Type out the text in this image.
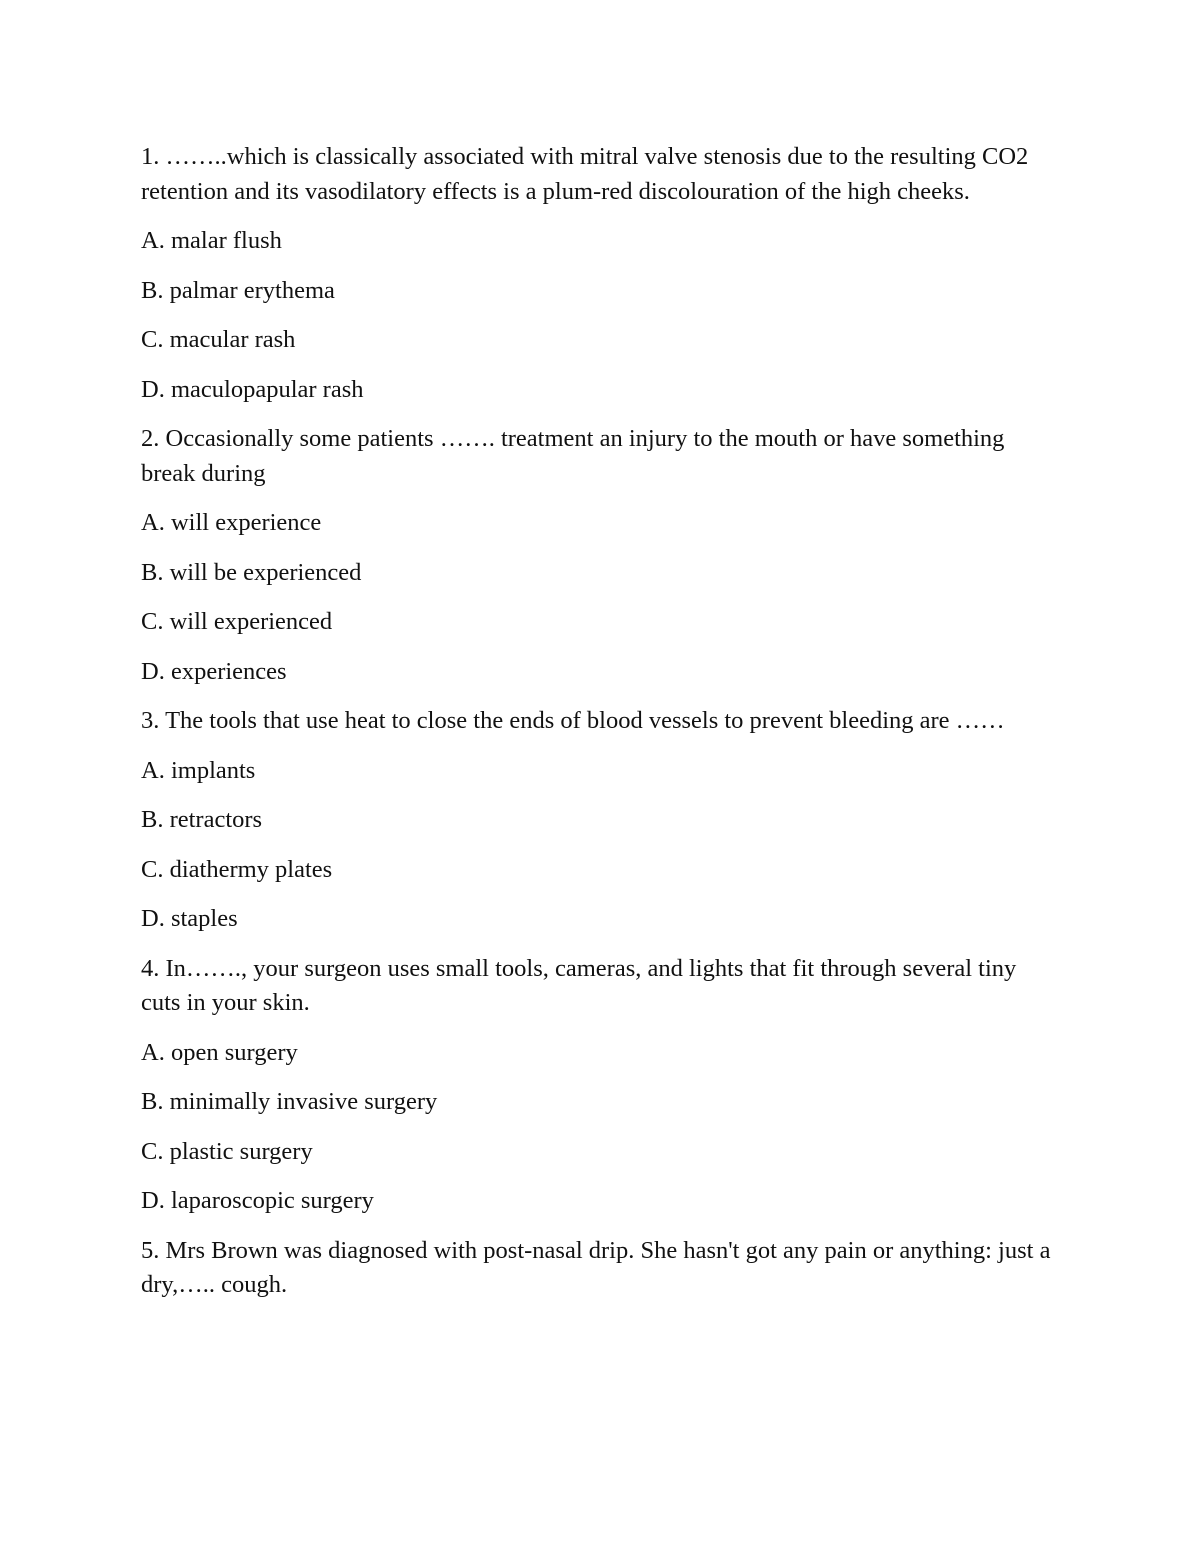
1. ……..which is classically associated with mitral valve stenosis due to the resulting CO2 retention and its vasodilatory effects is a plum-red discolouration of the high cheeks.

A. malar flush

B. palmar erythema

C. macular rash

D. maculopapular rash

2. Occasionally some patients ……. treatment an injury to the mouth or have something break during

A. will experience

B. will be experienced

C. will experienced

D. experiences

3. The tools that use heat to close the ends of blood vessels to prevent bleeding are ……

A. implants

B. retractors

C. diathermy plates

D. staples

4. In……., your surgeon uses small tools, cameras, and lights that fit through several tiny cuts in your skin.

A. open surgery

B. minimally invasive surgery

C. plastic surgery

D. laparoscopic surgery

5. Mrs Brown was diagnosed with post-nasal drip. She hasn't got any pain or anything: just a dry,….. cough.
